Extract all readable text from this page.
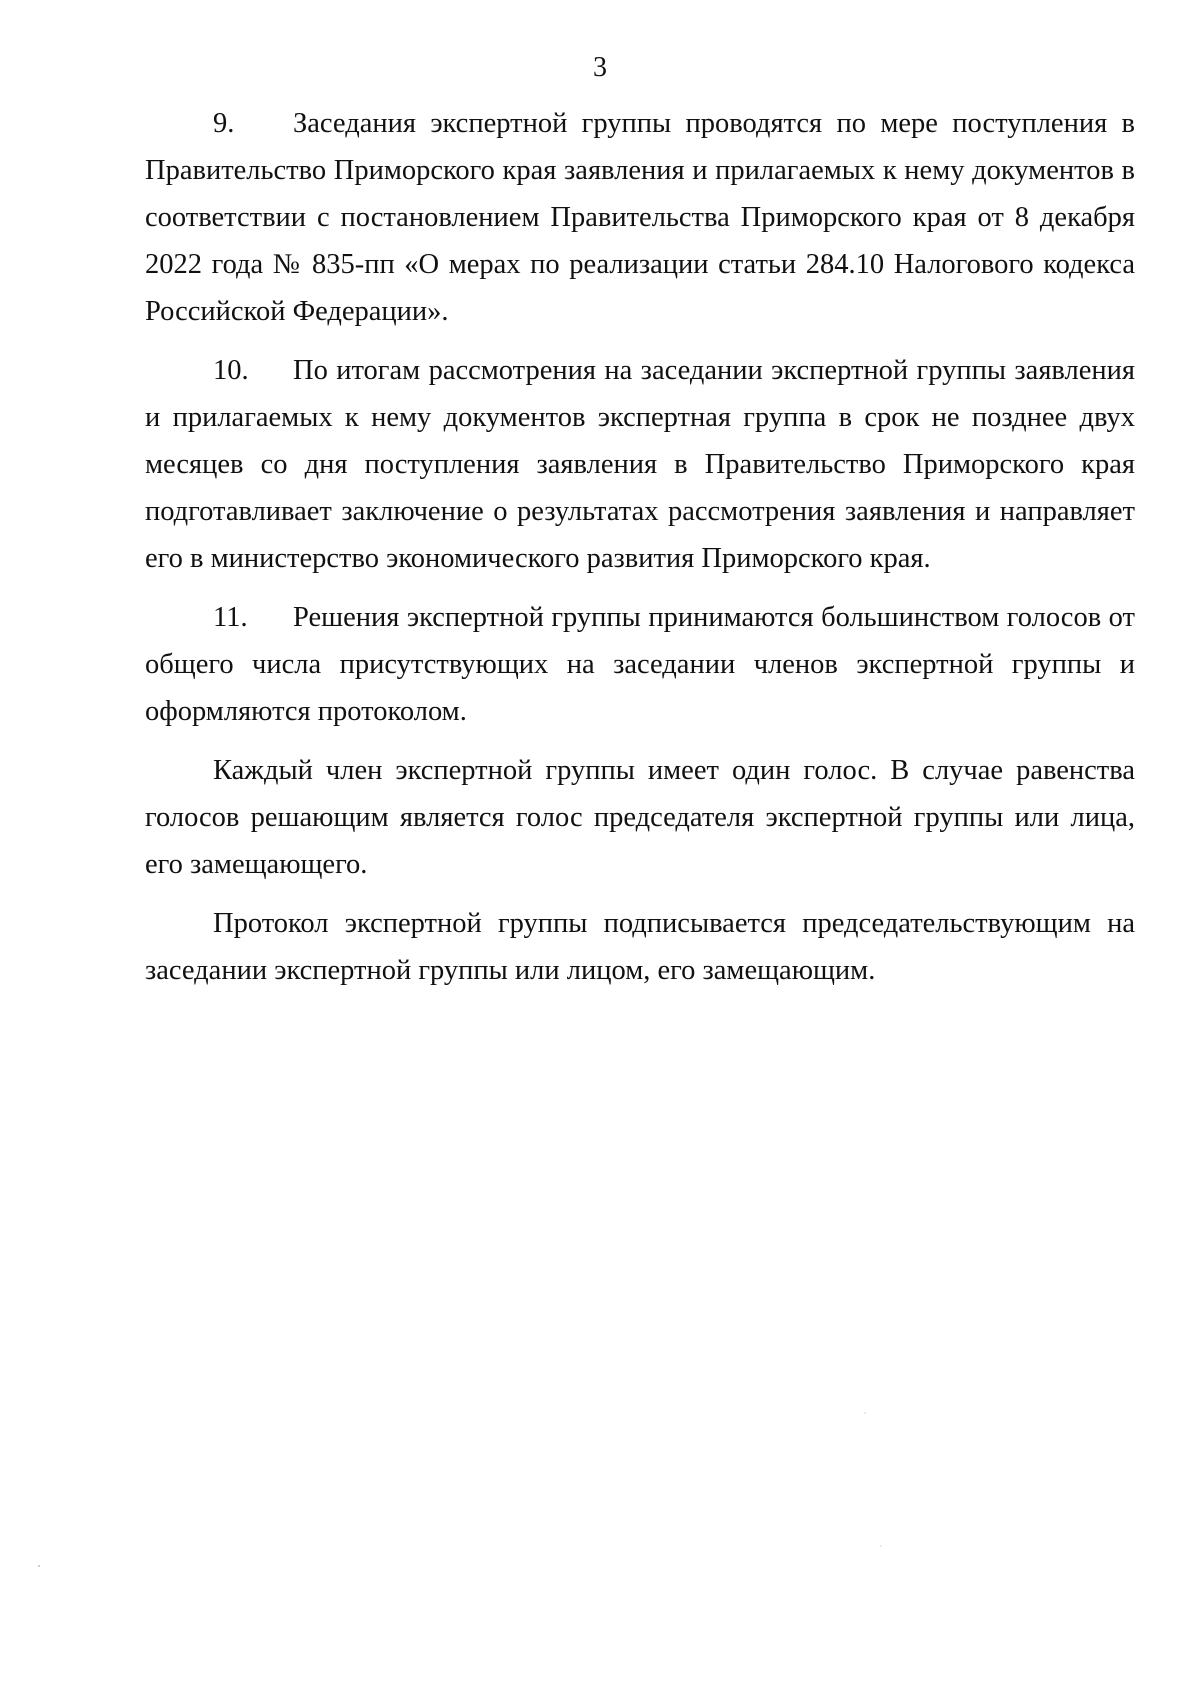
3

9. Заседания экспертной группы проводятся по мере поступления в Правительство Приморского края заявления и прилагаемых к нему документов в соответствии с постановлением Правительства Приморского края от 8 декабря 2022 года № 835-пп «О мерах по реализации статьи 284.10 Налогового кодекса Российской Федерации».

10. По итогам рассмотрения на заседании экспертной группы заявления и прилагаемых к нему документов экспертная группа в срок не позднее двух месяцев со дня поступления заявления в Правительство Приморского края подготавливает заключение о результатах рассмотрения заявления и направляет его в министерство экономического развития Приморского края.

11. Решения экспертной группы принимаются большинством голосов от общего числа присутствующих на заседании членов экспертной группы и оформляются протоколом.

Каждый член экспертной группы имеет один голос. В случае равенства голосов решающим является голос председателя экспертной группы или лица, его замещающего.

Протокол экспертной группы подписывается председательствующим на заседании экспертной группы или лицом, его замещающим.
